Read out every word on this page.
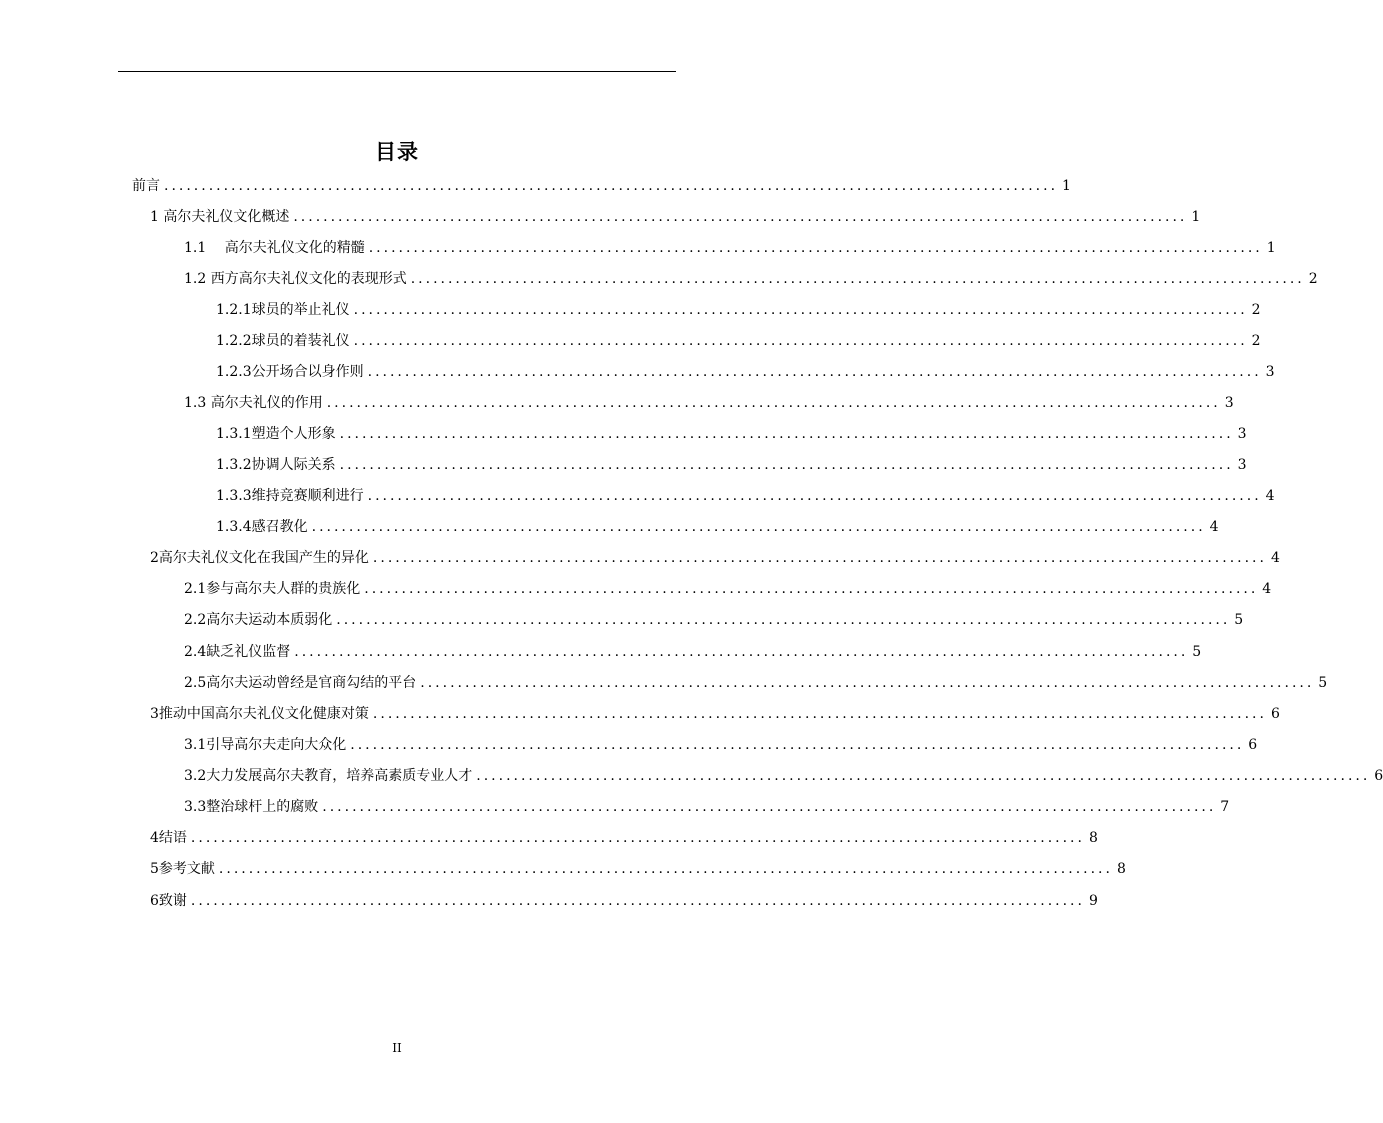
目录
前言 ........................................................................................................................ 1
1 高尔夫礼仪文化概述 ........................................................................................................................ 1
1.1　 高尔夫礼仪文化的精髓 ........................................................................................................................ 1
1.2 西方高尔夫礼仪文化的表现形式 ........................................................................................................................ 2
1.2.1球员的举止礼仪 ........................................................................................................................ 2
1.2.2球员的着装礼仪 ........................................................................................................................ 2
1.2.3公开场合以身作则 ........................................................................................................................ 3
1.3 高尔夫礼仪的作用 ........................................................................................................................ 3
1.3.1塑造个人形象 ........................................................................................................................ 3
1.3.2协调人际关系 ........................................................................................................................ 3
1.3.3维持竞赛顺利进行 ........................................................................................................................ 4
1.3.4感召教化 ........................................................................................................................ 4
2高尔夫礼仪文化在我国产生的异化 ........................................................................................................................ 4
2.1参与高尔夫人群的贵族化 ........................................................................................................................ 4
2.2高尔夫运动本质弱化 ........................................................................................................................ 5
2.4缺乏礼仪监督 ........................................................................................................................ 5
2.5高尔夫运动曾经是官商勾结的平台 ........................................................................................................................ 5
3推动中国高尔夫礼仪文化健康对策 ........................................................................................................................ 6
3.1引导高尔夫走向大众化 ........................................................................................................................ 6
3.2大力发展高尔夫教育，培养高素质专业人才 ........................................................................................................................ 6
3.3整治球杆上的腐败 ........................................................................................................................ 7
4结语 ........................................................................................................................ 8
5参考文献 ........................................................................................................................ 8
6致谢 ........................................................................................................................ 9
II
